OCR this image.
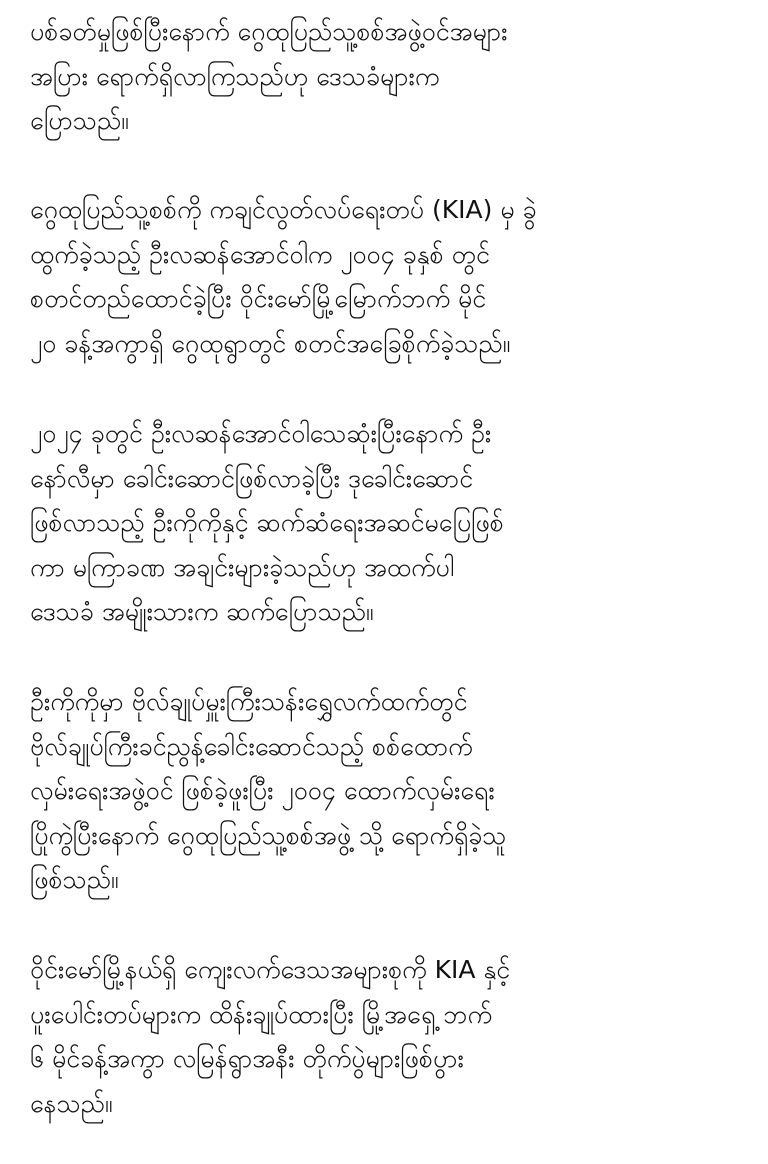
ပစ်ခတ်မှုဖြစ်ပြီးနောက် ဂွေထုပြည်သူ့စစ်အဖွဲ့ဝင်အများ
အပြား ရောက်ရှိလာကြသည်ဟု ဒေသခံများက
ပြောသည်။
ဂွေထုပြည်သူ့စစ်ကို ကချင်လွတ်လပ်ရေးတပ် (KIA) မှ ခွဲ
ထွက်ခဲ့သည့် ဦးလဆန်အောင်ဝါက ၂၀၀၄ ခုနှစ် တွင်
စတင်တည်ထောင်ခဲ့ပြီး ဝိုင်းမော်မြို့မြောက်ဘက် မိုင်
၂၀ ခန့်အကွာရှိ ဂွေထုရွာတွင် စတင်အခြေစိုက်ခဲ့သည်။
၂၀၂၄ ခုတွင် ဦးလဆန်အောင်ဝါသေဆုံးပြီးနောက် ဦး
နော်လီမှာ ခေါင်းဆောင်ဖြစ်လာခဲ့ပြီး ဒုခေါင်းဆောင်
ဖြစ်လာသည့် ဦးကိုကိုနှင့် ဆက်ဆံရေးအဆင်မပြေဖြစ်
ကာ မကြာခဏ အချင်းများခဲ့သည်ဟု အထက်ပါ
ဒေသခံ အမျိုးသားက ဆက်ပြောသည်။
ဦးကိုကိုမှာ ဗိုလ်ချုပ်မှူးကြီးသန်းရွှေလက်ထက်တွင်
ဗိုလ်ချုပ်ကြီးခင်ညွန့်ခေါင်းဆောင်သည့် စစ်ထောက်
လှမ်းရေးအဖွဲ့ဝင် ဖြစ်ခဲ့ဖူးပြီး ၂၀၀၄ ထောက်လှမ်းရေး
ပြိုကွဲပြီးနောက် ဂွေထုပြည်သူ့စစ်အဖွဲ့ သို့ ရောက်ရှိခဲ့သူ
ဖြစ်သည်။
ဝိုင်းမော်မြို့နယ်ရှိ ကျေးလက်ဒေသအများစုကို KIA နှင့်
ပူးပေါင်းတပ်များက ထိန်းချုပ်ထားပြီး မြို့အရှေ့ ဘက်
၆ မိုင်ခန့်အကွာ လမြန်ရွာအနီး တိုက်ပွဲများဖြစ်ပွား
နေသည်။
